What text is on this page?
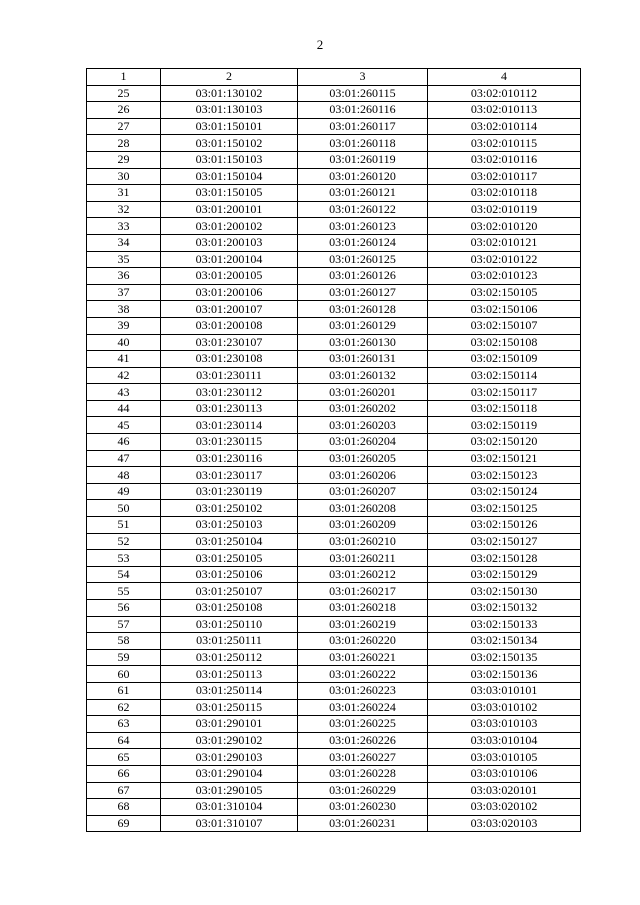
2
1	2	3	4
25	03:01:130102	03:01:260115	03:02:010112
26	03:01:130103	03:01:260116	03:02:010113
27	03:01:150101	03:01:260117	03:02:010114
28	03:01:150102	03:01:260118	03:02:010115
29	03:01:150103	03:01:260119	03:02:010116
30	03:01:150104	03:01:260120	03:02:010117
31	03:01:150105	03:01:260121	03:02:010118
32	03:01:200101	03:01:260122	03:02:010119
33	03:01:200102	03:01:260123	03:02:010120
34	03:01:200103	03:01:260124	03:02:010121
35	03:01:200104	03:01:260125	03:02:010122
36	03:01:200105	03:01:260126	03:02:010123
37	03:01:200106	03:01:260127	03:02:150105
38	03:01:200107	03:01:260128	03:02:150106
39	03:01:200108	03:01:260129	03:02:150107
40	03:01:230107	03:01:260130	03:02:150108
41	03:01:230108	03:01:260131	03:02:150109
42	03:01:230111	03:01:260132	03:02:150114
43	03:01:230112	03:01:260201	03:02:150117
44	03:01:230113	03:01:260202	03:02:150118
45	03:01:230114	03:01:260203	03:02:150119
46	03:01:230115	03:01:260204	03:02:150120
47	03:01:230116	03:01:260205	03:02:150121
48	03:01:230117	03:01:260206	03:02:150123
49	03:01:230119	03:01:260207	03:02:150124
50	03:01:250102	03:01:260208	03:02:150125
51	03:01:250103	03:01:260209	03:02:150126
52	03:01:250104	03:01:260210	03:02:150127
53	03:01:250105	03:01:260211	03:02:150128
54	03:01:250106	03:01:260212	03:02:150129
55	03:01:250107	03:01:260217	03:02:150130
56	03:01:250108	03:01:260218	03:02:150132
57	03:01:250110	03:01:260219	03:02:150133
58	03:01:250111	03:01:260220	03:02:150134
59	03:01:250112	03:01:260221	03:02:150135
60	03:01:250113	03:01:260222	03:02:150136
61	03:01:250114	03:01:260223	03:03:010101
62	03:01:250115	03:01:260224	03:03:010102
63	03:01:290101	03:01:260225	03:03:010103
64	03:01:290102	03:01:260226	03:03:010104
65	03:01:290103	03:01:260227	03:03:010105
66	03:01:290104	03:01:260228	03:03:010106
67	03:01:290105	03:01:260229	03:03:020101
68	03:01:310104	03:01:260230	03:03:020102
69	03:01:310107	03:01:260231	03:03:020103
